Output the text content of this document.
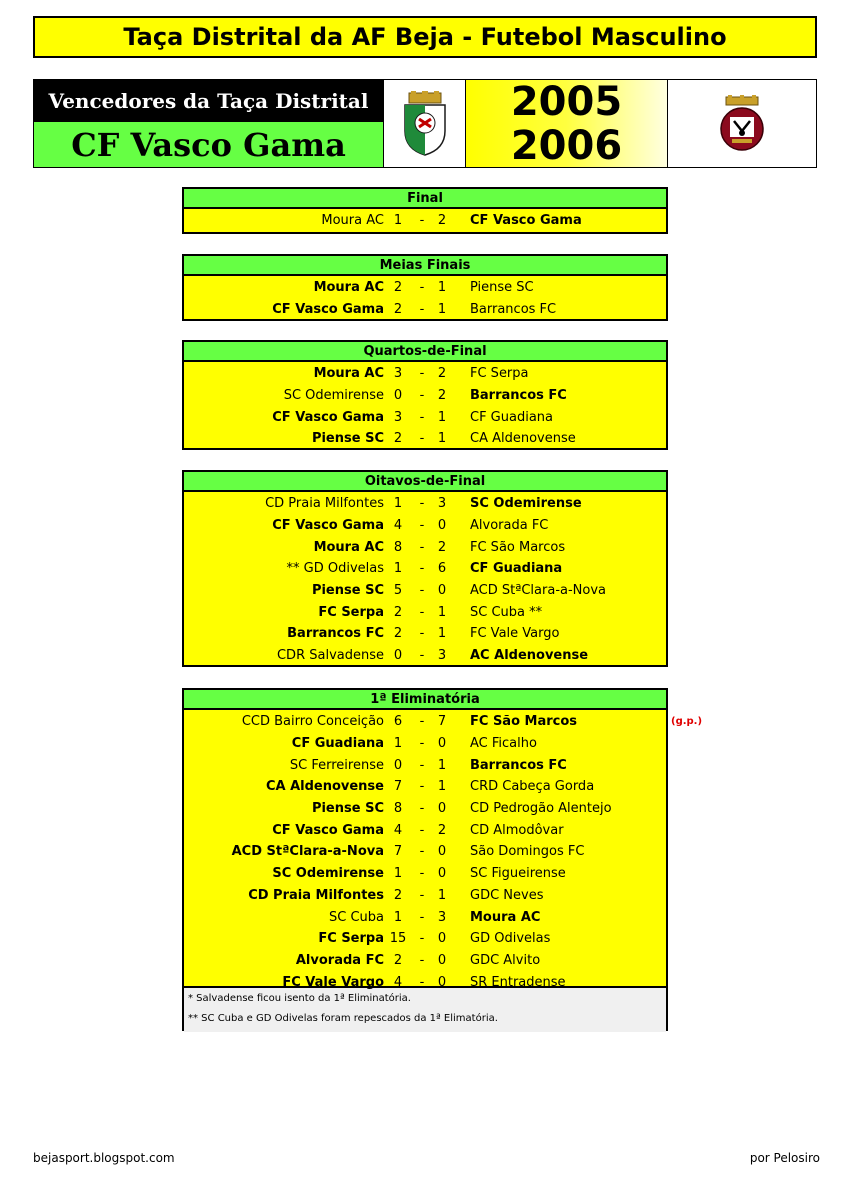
Taça Distrital da AF Beja - Futebol Masculino
Vencedores da Taça Distrital
CF Vasco Gama
2005
2006
Final
Moura AC 1	-	2	CF Vasco Gama
Meias Finais
Moura AC 2	-	1	Piense SC
CF Vasco Gama 2	-	1	Barrancos FC
Quartos-de-Final
Moura AC 3	-	2	FC Serpa
SC Odemirense 0	-	2	Barrancos FC
CF Vasco Gama 3	-	1	CF Guadiana
Piense SC 2	-	1	CA Aldenovense
Oitavos-de-Final
CD Praia Milfontes 1	-	3	SC Odemirense
CF Vasco Gama 4	-	0	Alvorada FC
Moura AC 8	-	2	FC São Marcos
** GD Odivelas 1	-	6	CF Guadiana
Piense SC 5	-	0	ACD StªClara-a-Nova
FC Serpa 2	-	1	SC Cuba **
Barrancos FC 2	-	1	FC Vale Vargo
CDR Salvadense 0	-	3	AC Aldenovense
1ª Eliminatória
CCD Bairro Conceição 6	-	7	FC São Marcos
CF Guadiana 1	-	0	AC Ficalho
SC Ferreirense 0	-	1	Barrancos FC
CA Aldenovense 7	-	1	CRD Cabeça Gorda
Piense SC 8	-	0	CD Pedrogão Alentejo
CF Vasco Gama 4	-	2	CD Almodôvar
ACD StªClara-a-Nova 7	-	0	São Domingos FC
SC Odemirense 1	-	0	SC Figueirense
CD Praia Milfontes 2	-	1	GDC Neves
SC Cuba 1	-	3	Moura AC
FC Serpa 15	-	0	GD Odivelas
Alvorada FC 2	-	0	GDC Alvito
FC Vale Vargo 4	-	0	SR Entradense
* Salvadense ficou isento da 1ª Eliminatória.
** SC Cuba e GD Odivelas foram repescados da 1ª Elimatória.
(g.p.)
bejasport.blogspot.com	por Pelosiro
